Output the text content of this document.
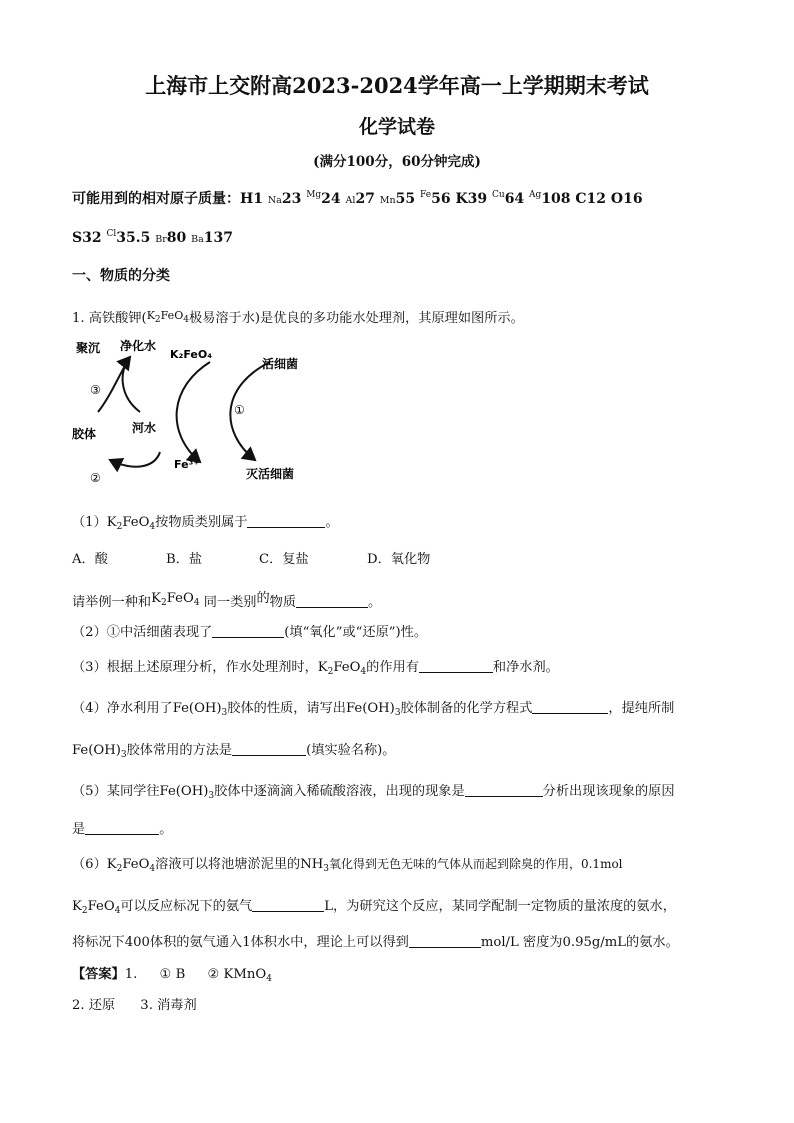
上海市上交附高2023-2024学年高一上学期期末考试
化学试卷
(满分100分，60分钟完成)
可能用到的相对原子质量：H1 Na23 $^{Mg}$24 Al27 Mn55 $^{Fe}$56 K39 $^{Cu}$64 $^{Ag}$108 C12 O16
S32 $^{Cl}$35.5 Br80 Ba137
一、物质的分类
1. 高铁酸钾($^{K_2FeO_4}$极易溶于水)是优良的多功能水处理剂，其原理如图所示。
K₂FeO₄
活细菌
灭活细菌
Fe³⁺
聚沉 净化水
胶体	河水
①
②
③
$(1)K_2FeO_4$按物质类别属于	。
A．酸	B．盐	C．复盐	D．氧化物
请举例一种和$K_2FeO_4$ 同一类别的物质	。
（2）①中活细菌表现了	(填“氧化”或“还原”)性。
（3）根据上述原理分析，作水处理剂时，$K_2FeO_4$的作用有	和净水剂。
（4）净水利用了$Fe(OH)_3$胶体的性质，请写出$Fe(OH)_3$胶体制备的化学方程式	，提纯所制
$Fe(OH)_3$胶体常用的方法是	(填实验名称)。
（5）某同学往$Fe(OH)_3$胶体中逐滴滴入稀硫酸溶液，出现的现象是	分析出现该现象的原因
是	。
$(6)K_2FeO_4$溶液可以将池塘淤泥里的$NH_3$氧化得到无色无味的气体从而起到除臭的作用，0.1mol
$K_2FeO_4$可以反应标况下的氨气	L，为研究这个反应，某同学配制一定物质的量浓度的氨水，
将标况下400体积的氨气通入1体积水中，理论上可以得到	mol/L 密度为0.95g/mL的氨水。
【答案】1. ① B ② KMnO$_4$
2. 还原      3. 消毒剂
